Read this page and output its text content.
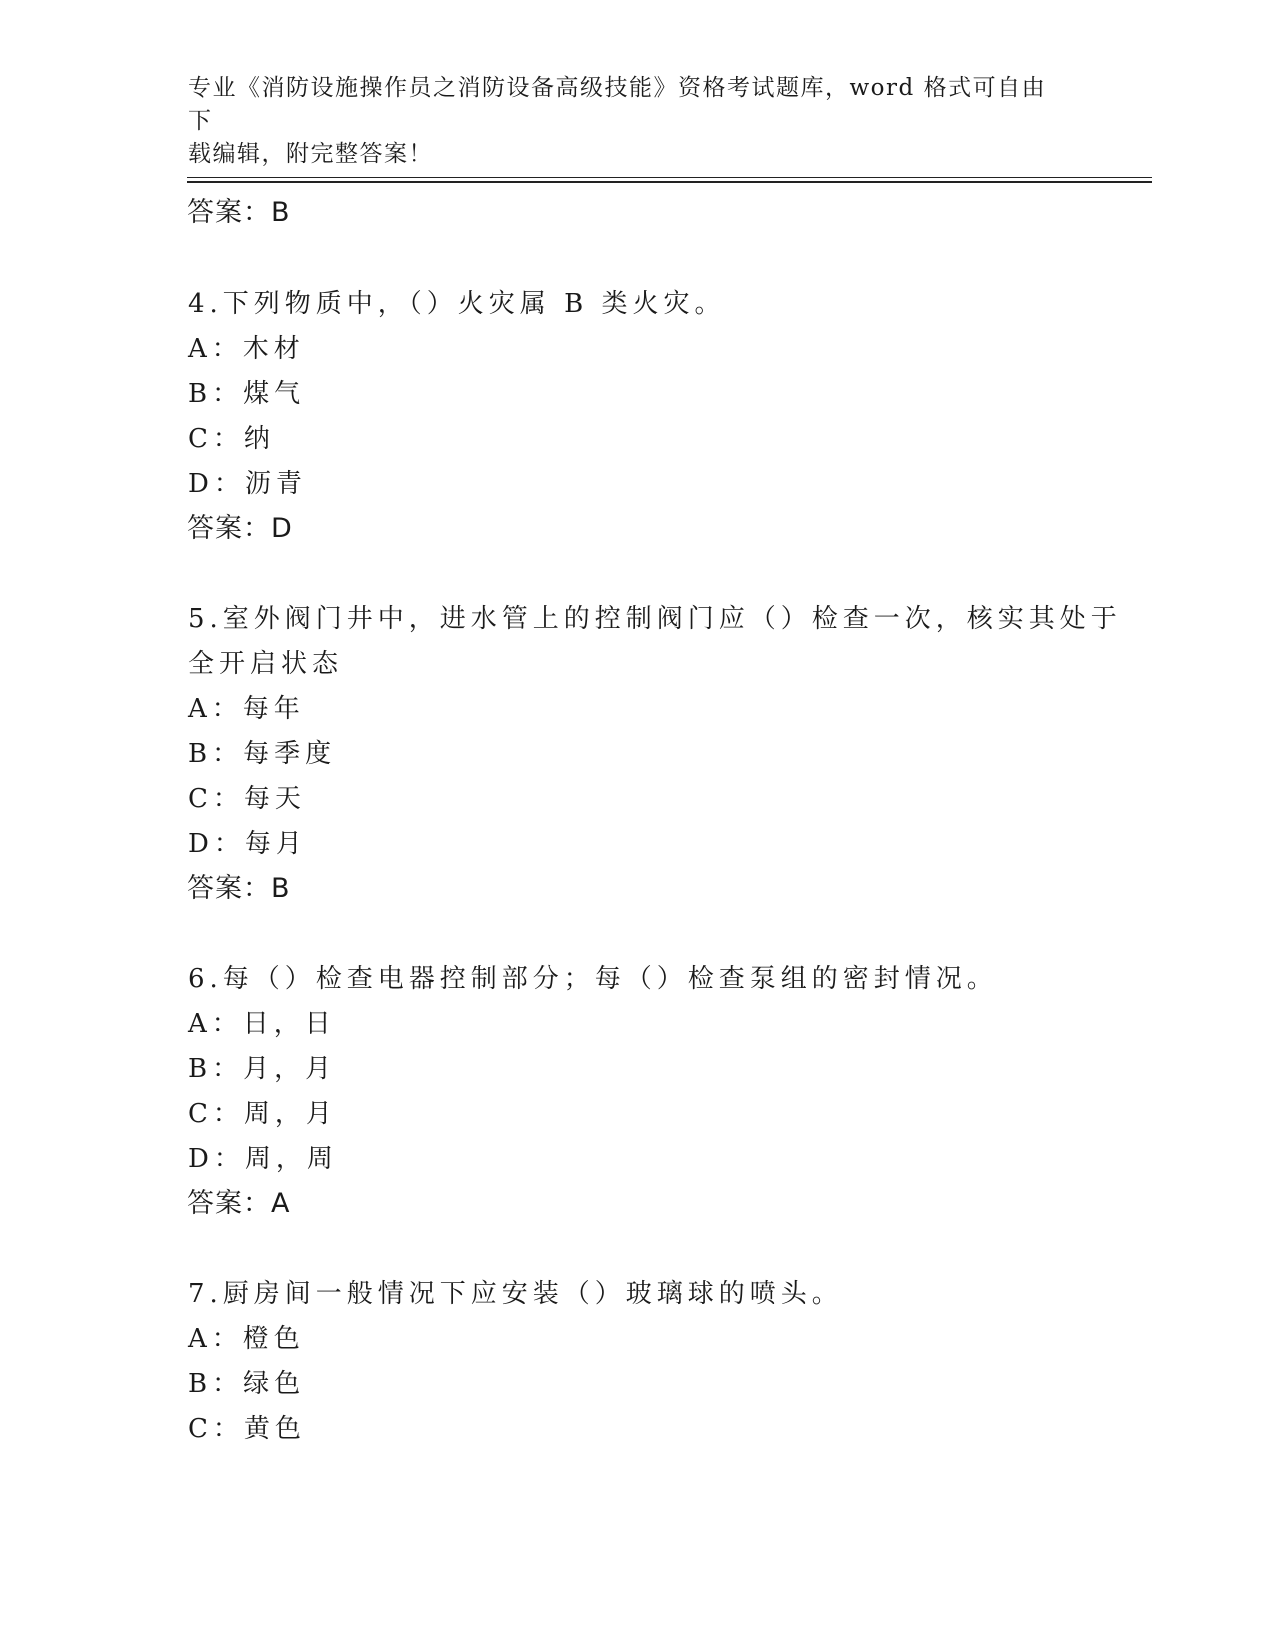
专业《消防设施操作员之消防设备高级技能》资格考试题库，word 格式可自由下
载编辑，附完整答案！
答案：B
4.下列物质中，（）火灾属 B 类火灾。
A：木材
B：煤气
C：纳
D：沥青
答案：D
5.室外阀门井中，进水管上的控制阀门应（）检查一次，核实其处于
全开启状态
A：每年
B：每季度
C：每天
D：每月
答案：B
6.每（）检查电器控制部分；每（）检查泵组的密封情况。
A：日，日
B：月，月
C：周，月
D：周，周
答案：A
7.厨房间一般情况下应安装（）玻璃球的喷头。
A：橙色
B：绿色
C：黄色
